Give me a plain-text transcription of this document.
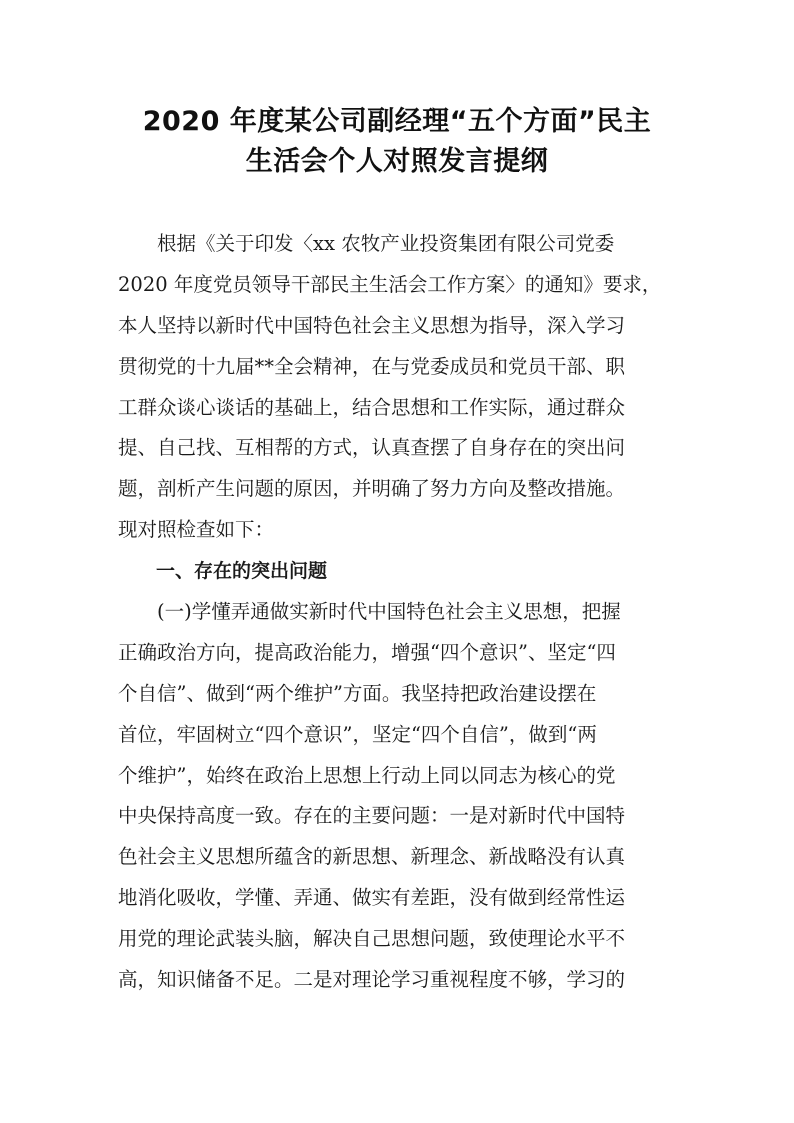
2020 年度某公司副经理“五个方面”民主
生活会个人对照发言提纲
　　根据《关于印发〈xx 农牧产业投资集团有限公司党委
2020 年度党员领导干部民主生活会工作方案〉的通知》要求，
本人坚持以新时代中国特色社会主义思想为指导，深入学习
贯彻党的十九届**全会精神，在与党委成员和党员干部、职
工群众谈心谈话的基础上，结合思想和工作实际，通过群众
提、自己找、互相帮的方式，认真查摆了自身存在的突出问
题，剖析产生问题的原因，并明确了努力方向及整改措施。
现对照检查如下：
　　一、存在的突出问题
　　(一)学懂弄通做实新时代中国特色社会主义思想，把握
正确政治方向，提高政治能力，增强“四个意识”、坚定“四
个自信”、做到“两个维护”方面。我坚持把政治建设摆在
首位，牢固树立“四个意识”，坚定“四个自信”，做到“两
个维护”，始终在政治上思想上行动上同以同志为核心的党
中央保持高度一致。存在的主要问题：一是对新时代中国特
色社会主义思想所蕴含的新思想、新理念、新战略没有认真
地消化吸收，学懂、弄通、做实有差距，没有做到经常性运
用党的理论武装头脑，解决自己思想问题，致使理论水平不
高，知识储备不足。二是对理论学习重视程度不够，学习的
